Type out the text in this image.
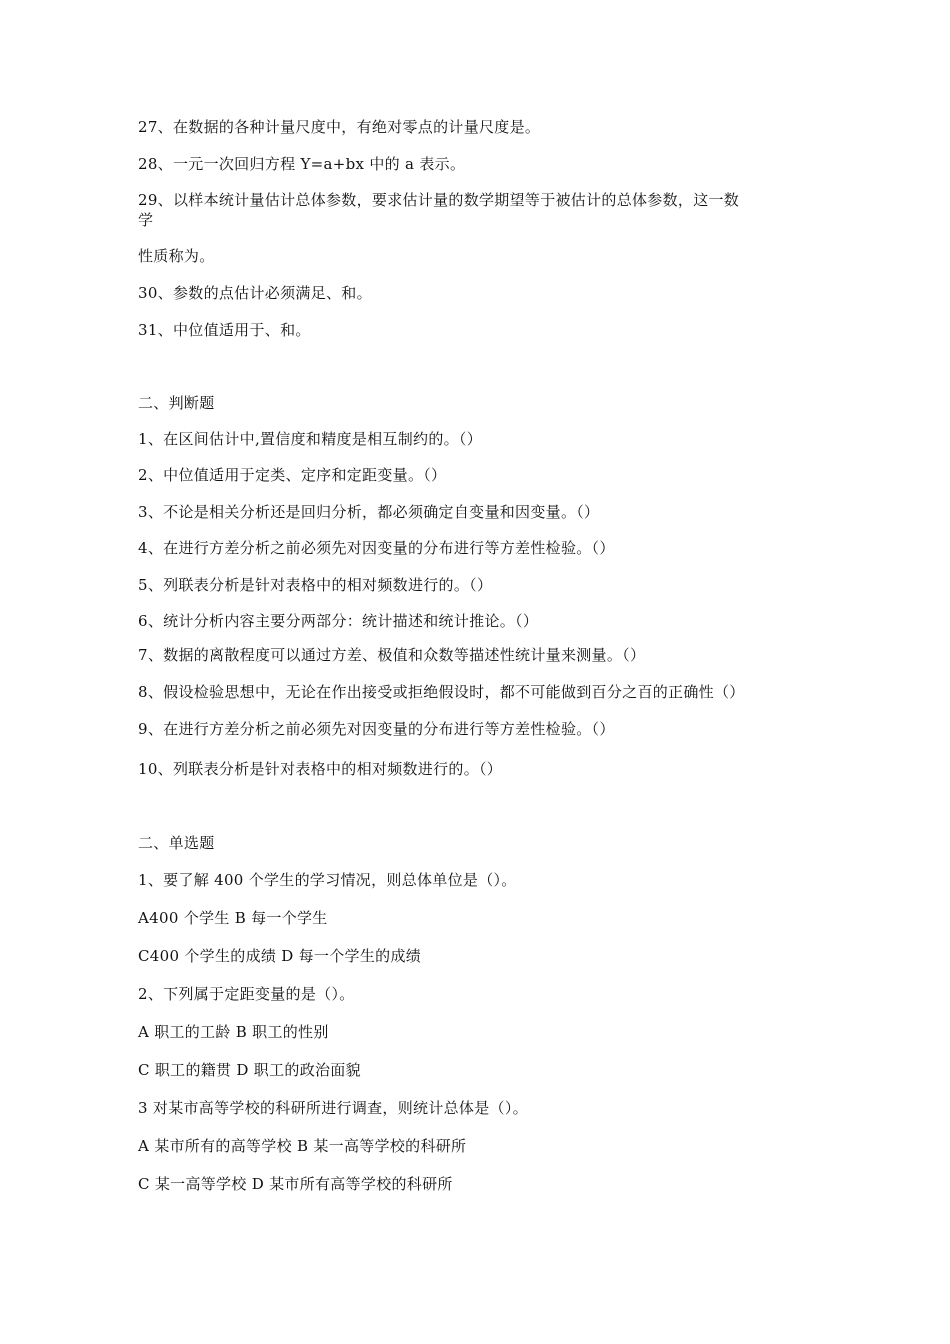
27、在数据的各种计量尺度中，有绝对零点的计量尺度是。
28、一元一次回归方程 Y=a+bx 中的 a 表示。
29、以样本统计量估计总体参数，要求估计量的数学期望等于被估计的总体参数，这一数
学
性质称为。
30、参数的点估计必须满足、和。
31、中位值适用于、和。
二、判断题
1、在区间估计中,置信度和精度是相互制约的。（）
2、中位值适用于定类、定序和定距变量。（）
3、不论是相关分析还是回归分析，都必须确定自变量和因变量。（）
4、在进行方差分析之前必须先对因变量的分布进行等方差性检验。（）
5、列联表分析是针对表格中的相对频数进行的。（）
6、统计分析内容主要分两部分：统计描述和统计推论。（）
7、数据的离散程度可以通过方差、极值和众数等描述性统计量来测量。（）
8、假设检验思想中，无论在作出接受或拒绝假设时，都不可能做到百分之百的正确性（）
9、在进行方差分析之前必须先对因变量的分布进行等方差性检验。（）
10、列联表分析是针对表格中的相对频数进行的。（）
二、单选题
1、要了解 400 个学生的学习情况，则总体单位是（）。
A400 个学生 B 每一个学生
C400 个学生的成绩 D 每一个学生的成绩
2、下列属于定距变量的是（）。
A 职工的工龄 B 职工的性别
C 职工的籍贯 D 职工的政治面貌
3 对某市高等学校的科研所进行调查，则统计总体是（）。
A 某市所有的高等学校 B 某一高等学校的科研所
C 某一高等学校 D 某市所有高等学校的科研所
